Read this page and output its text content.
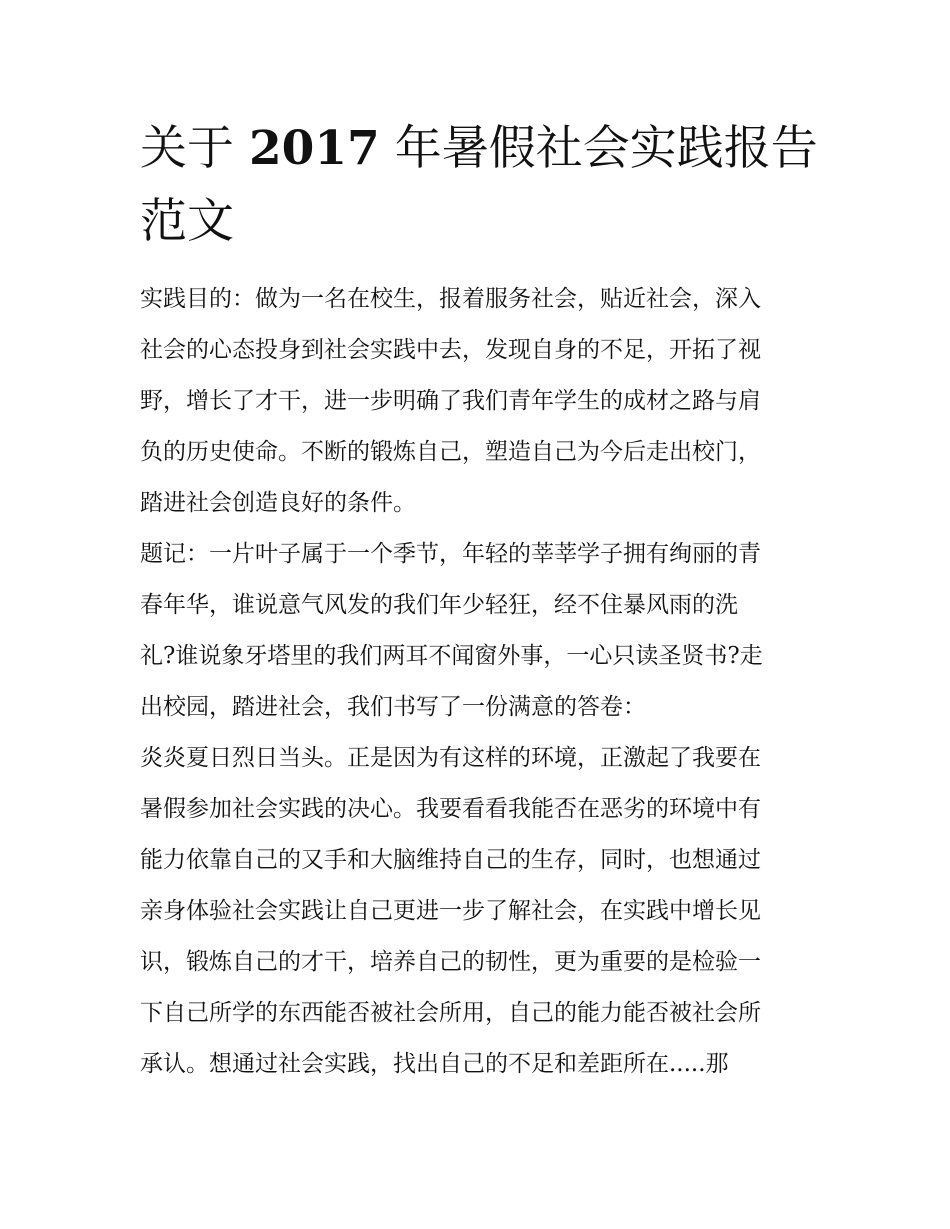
关于 2017 年暑假社会实践报告
范文
实践目的：做为一名在校生，报着服务社会，贴近社会，深入
社会的心态投身到社会实践中去，发现自身的不足，开拓了视
野，增长了才干，进一步明确了我们青年学生的成材之路与肩
负的历史使命。不断的锻炼自己，塑造自己为今后走出校门，
踏进社会创造良好的条件。
题记：一片叶子属于一个季节，年轻的莘莘学子拥有绚丽的青
春年华，谁说意气风发的我们年少轻狂，经不住暴风雨的洗
礼?谁说象牙塔里的我们两耳不闻窗外事，一心只读圣贤书?走
出校园，踏进社会，我们书写了一份满意的答卷：
炎炎夏日烈日当头。正是因为有这样的环境，正激起了我要在
暑假参加社会实践的决心。我要看看我能否在恶劣的环境中有
能力依靠自己的又手和大脑维持自己的生存，同时，也想通过
亲身体验社会实践让自己更进一步了解社会，在实践中增长见
识，锻炼自己的才干，培养自己的韧性，更为重要的是检验一
下自己所学的东西能否被社会所用，自己的能力能否被社会所
承认。想通过社会实践，找出自己的不足和差距所在.....那
